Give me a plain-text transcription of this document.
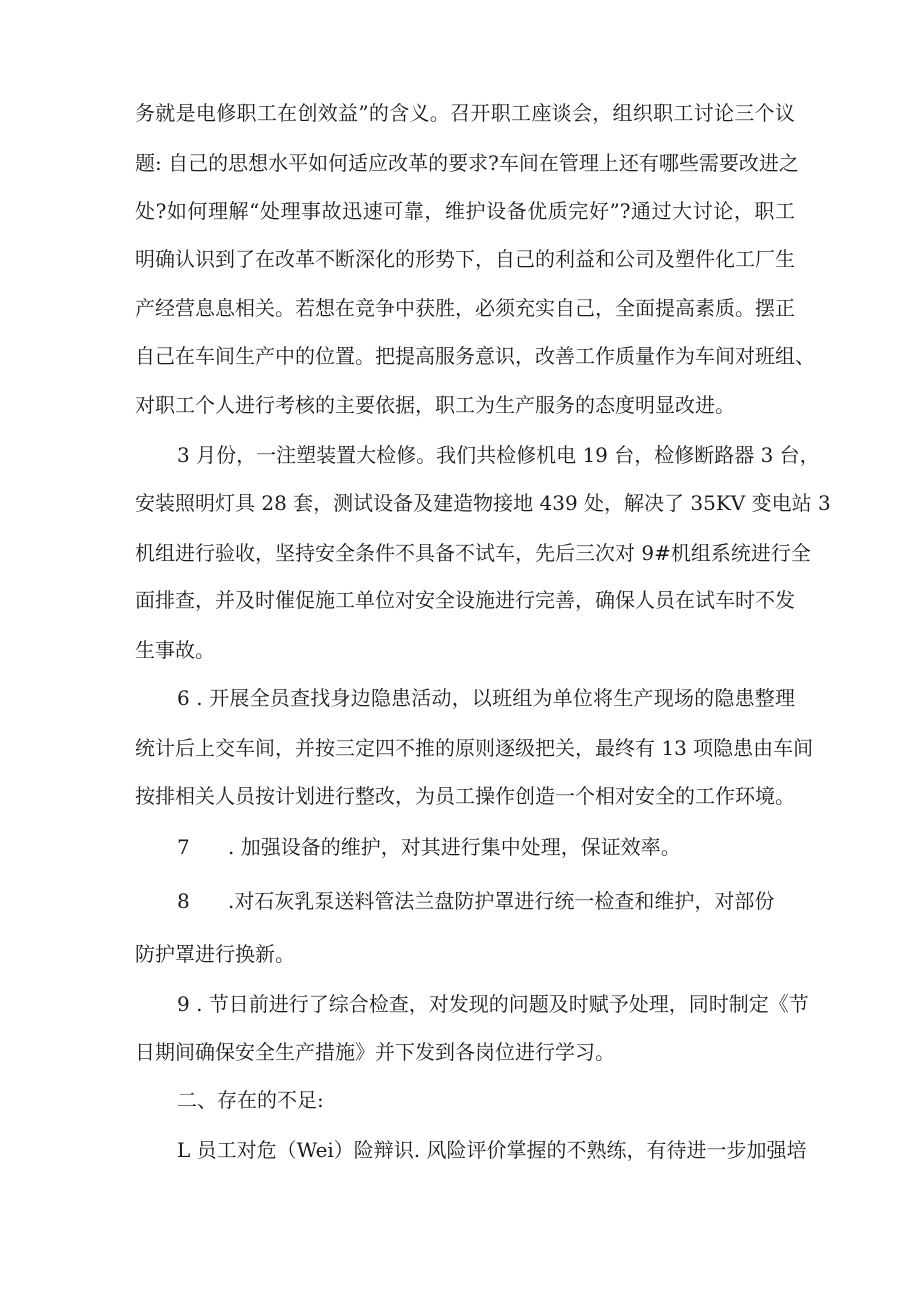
务就是电修职工在创效益”的含义。召开职工座谈会，组织职工讨论三个议

题: 自己的思想水平如何适应改革的要求?车间在管理上还有哪些需要改进之

处?如何理解“处理事故迅速可靠，维护设备优质完好”?通过大讨论，职工

明确认识到了在改革不断深化的形势下，自己的利益和公司及塑件化工厂生

产经营息息相关。若想在竞争中获胜，必须充实自己，全面提高素质。摆正

自己在车间生产中的位置。把提高服务意识，改善工作质量作为车间对班组、

对职工个人进行考核的主要依据，职工为生产服务的态度明显改进。

3 月份，一注塑装置大检修。我们共检修机电 19 台，检修断路器 3 台，

安装照明灯具 28 套，测试设备及建造物接地 439 处，解决了 35KV 变电站 3

机组进行验收，坚持安全条件不具备不试车，先后三次对 9#机组系统进行全

面排查，并及时催促施工单位对安全设施进行完善，确保人员在试车时不发

生事故。

6 . 开展全员查找身边隐患活动，以班组为单位将生产现场的隐患整理

统计后上交车间，并按三定四不推的原则逐级把关，最终有 13 项隐患由车间

按排相关人员按计划进行整改，为员工操作创造一个相对安全的工作环境。

7 . 加强设备的维护，对其进行集中处理，保证效率。

8 .对石灰乳泵送料管法兰盘防护罩进行统一检查和维护，对部份

防护罩进行换新。

9 . 节日前进行了综合检查，对发现的问题及时赋予处理，同时制定《节

日期间确保安全生产措施》并下发到各岗位进行学习。

二、存在的不足:

L 员工对危（Wei）险辩识. 风险评价掌握的不熟练，有待进一步加强培
